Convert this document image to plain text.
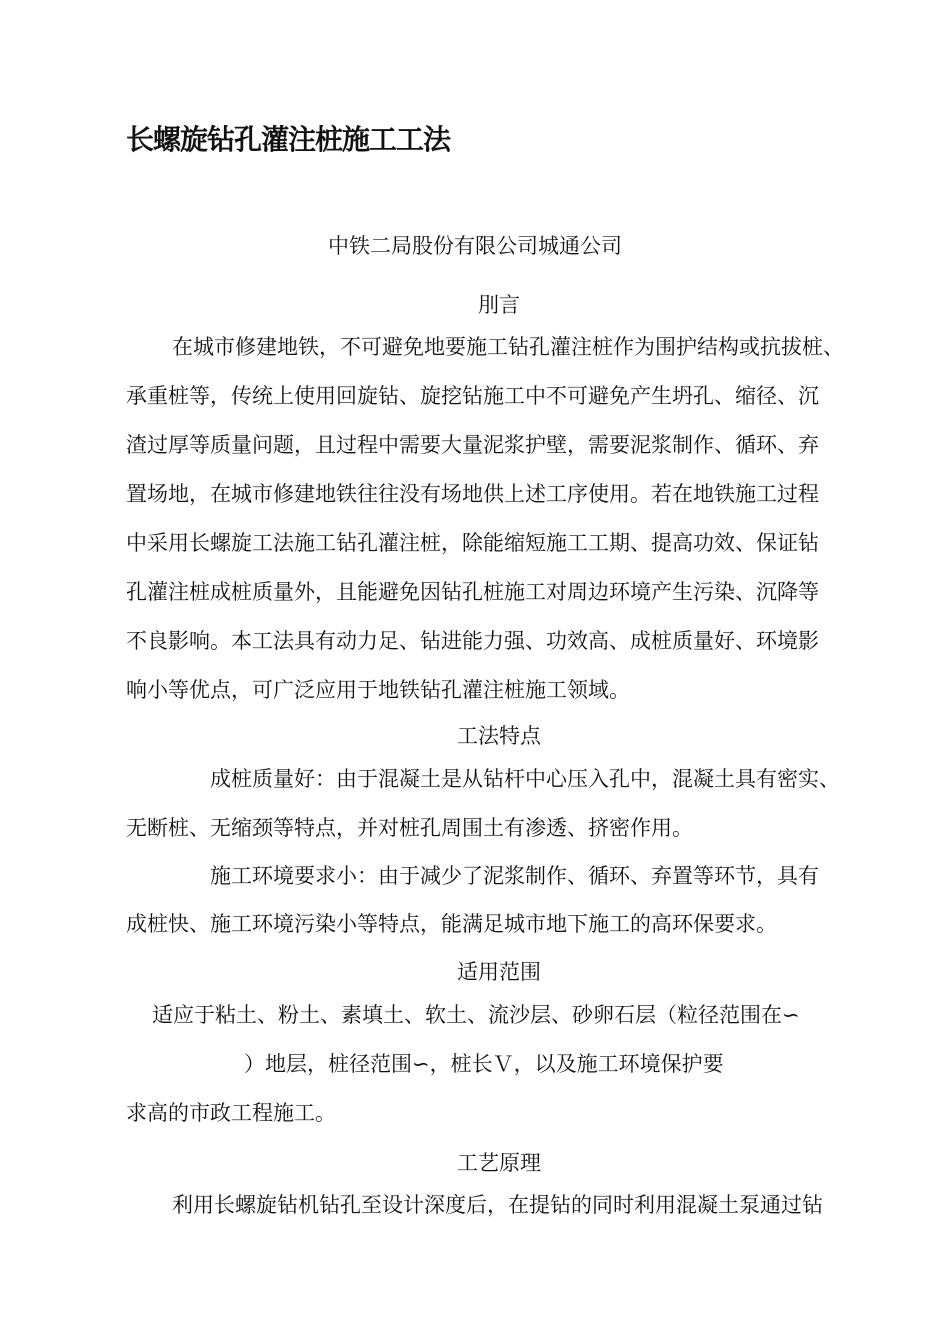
长螺旋钻孔灌注桩施工工法

中铁二局股份有限公司城通公司

刖言

在城市修建地铁，不可避免地要施工钻孔灌注桩作为围护结构或抗拔桩、

承重桩等，传统上使用回旋钻、旋挖钻施工中不可避免产生坍孔、缩径、沉

渣过厚等质量问题，且过程中需要大量泥浆护壁，需要泥浆制作、循环、弃

置场地，在城市修建地铁往往没有场地供上述工序使用。若在地铁施工过程

中采用长螺旋工法施工钻孔灌注桩，除能缩短施工工期、提高功效、保证钻

孔灌注桩成桩质量外，且能避免因钻孔桩施工对周边环境产生污染、沉降等

不良影响。本工法具有动力足、钻进能力强、功效高、成桩质量好、环境影

响小等优点，可广泛应用于地铁钻孔灌注桩施工领域。

工法特点

成桩质量好：由于混凝土是从钻杆中心压入孔中，混凝土具有密实、

无断桩、无缩颈等特点，并对桩孔周围土有渗透、挤密作用。

施工环境要求小：由于减少了泥浆制作、循环、弃置等环节，具有

成桩快、施工环境污染小等特点，能满足城市地下施工的高环保要求。

适用范围

适应于粘土、粉土、素填土、软土、流沙层、砂卵石层（粒径范围在∽

）地层，桩径范围∽，桩长Ｖ，以及施工环境保护要

求高的市政工程施工。

工艺原理

利用长螺旋钻机钻孔至设计深度后，在提钻的同时利用混凝土泵通过钻
